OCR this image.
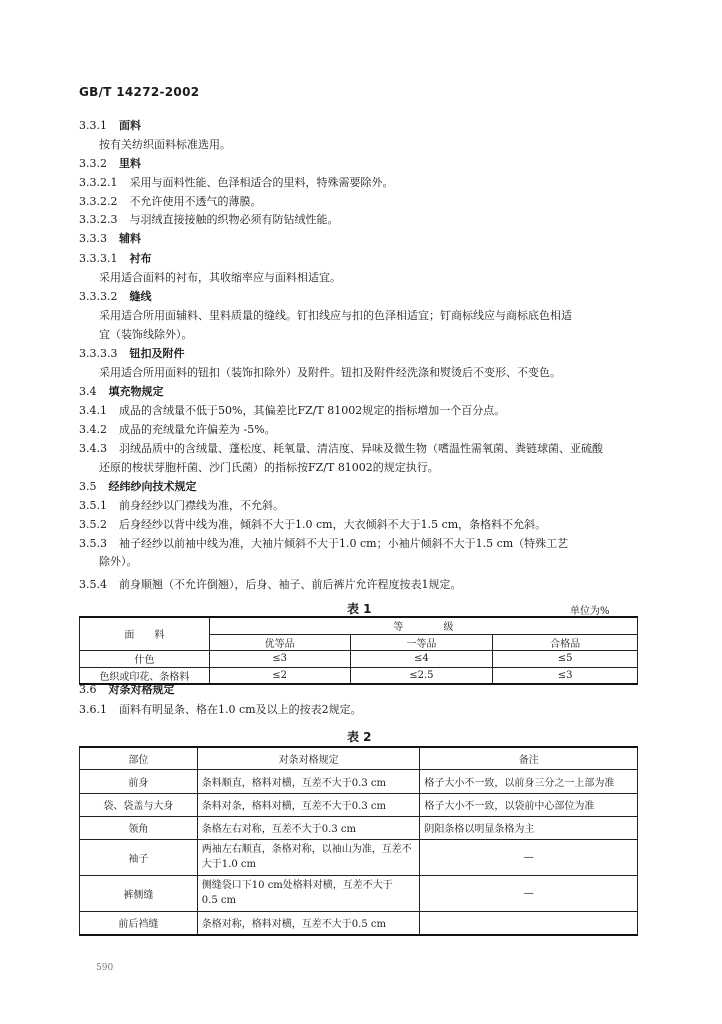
GB/T 14272-2002
3.3.1 面料
按有关纺织面料标准选用。
3.3.2 里料
3.3.2.1 采用与面料性能、色泽相适合的里料，特殊需要除外。
3.3.2.2 不允许使用不透气的薄膜。
3.3.2.3 与羽绒直接接触的织物必须有防钻绒性能。
3.3.3 辅料
3.3.3.1 衬布
采用适合面料的衬布，其收缩率应与面料相适宜。
3.3.3.2 缝线
采用适合所用面辅料、里料质量的缝线。钉扣线应与扣的色泽相适宜；钉商标线应与商标底色相适
宜（装饰线除外）。
3.3.3.3 钮扣及附件
采用适合所用面料的钮扣（装饰扣除外）及附件。钮扣及附件经洗涤和熨烫后不变形、不变色。
3.4 填充物规定
3.4.1 成品的含绒量不低于50%，其偏差比FZ/T 81002规定的指标增加一个百分点。
3.4.2 成品的充绒量允许偏差为 -5%。
3.4.3 羽绒品质中的含绒量、蓬松度、耗氧量、清洁度、异味及微生物（嗜温性需氧菌、粪链球菌、亚硫酸
还原的梭状芽胞杆菌、沙门氏菌）的指标按FZ/T 81002的规定执行。
3.5 经纬纱向技术规定
3.5.1 前身经纱以门襟线为准，不允斜。
3.5.2 后身经纱以背中线为准，倾斜不大于1.0 cm，大衣倾斜不大于1.5 cm，条格料不允斜。
3.5.3 袖子经纱以前袖中线为准，大袖片倾斜不大于1.0 cm；小袖片倾斜不大于1.5 cm（特殊工艺
除外）。
3.5.4 前身顺翘（不允许倒翘），后身、袖子、前后裤片允许程度按表1规定。
表 1	单位为%
面　　料	等　　　　级		
	优等品	一等品	合格品
什色	≤3	≤4	≤5
色织或印花、条格料	≤2	≤2.5	≤3
3.6 对条对格规定
3.6.1 面料有明显条、格在1.0 cm及以上的按表2规定。
表 2
部位	对条对格规定	备注
前身	条料顺直，格料对横，互差不大于0.3 cm	格子大小不一致，以前身三分之一上部为准
袋、袋盖与大身	条料对条，格料对横，互差不大于0.3 cm	格子大小不一致，以袋前中心部位为准
领角	条格左右对称，互差不大于0.3 cm	阴阳条格以明显条格为主
袖子	两袖左右顺直，条格对称，以袖山为准，互差不
大于1.0 cm	—
裤侧缝	侧缝袋口下10 cm处格料对横，互差不大于
0.5 cm	—
前后裆缝	条格对称，格料对横，互差不大于0.5 cm	
590
